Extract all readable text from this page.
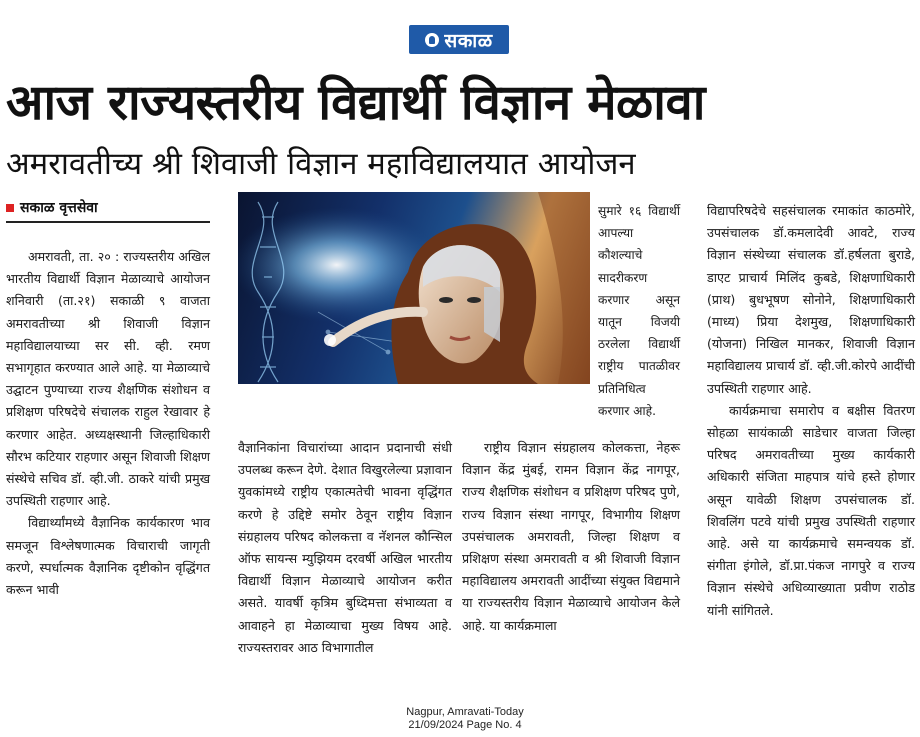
सकाळ
आज राज्यस्तरीय विद्यार्थी विज्ञान मेळावा
अमरावतीच्य श्री शिवाजी विज्ञान महाविद्यालयात आयोजन
सकाळ वृत्तसेवा

अमरावती, ता. २० : राज्यस्तरीय अखिल भारतीय विद्यार्थी विज्ञान मेळाव्याचे आयोजन शनिवारी (ता.२१) सकाळी ९ वाजता अमरावतीच्या श्री शिवाजी विज्ञान महाविद्यालयाच्या सर सी. व्ही. रमण सभागृहात करण्यात आले आहे. या मेळाव्याचे उद्घाटन पुण्याच्या राज्य शैक्षणिक संशोधन व प्रशिक्षण परिषदेचे संचालक राहुल रेखावार हे करणार आहेत. अध्यक्षस्थानी जिल्हाधिकारी सौरभ कटियार राहणार असून शिवाजी शिक्षण संस्थेचे सचिव डॉ. व्ही.जी. ठाकरे यांची प्रमुख उपस्थिती राहणार आहे.

विद्यार्थ्यांमध्ये वैज्ञानिक कार्यकारण भाव समजून विश्लेषणात्मक विचाराची जागृती करणे, स्पर्धात्मक वैज्ञानिक दृष्टीकोन वृद्धिंगत करून भावी

वैज्ञानिकांना विचारांच्या आदान प्रदानाची संधी उपलब्ध करून देणे. देशात विखुरलेल्या प्रज्ञावान युवकांमध्ये राष्ट्रीय एकात्मतेची भावना वृद्धिंगत करणे हे उद्दिष्टे समोर ठेवून राष्ट्रीय विज्ञान संग्रहालय परिषद कोलकत्ता व नॅशनल कौन्सिल ऑफ सायन्स म्युझियम दरवर्षी अखिल भारतीय विद्यार्थी विज्ञान मेळाव्याचे आयोजन करीत असते. यावर्षी कृत्रिम बुध्दिमत्ता संभाव्यता व आवाहने हा मेळाव्याचा मुख्य विषय आहे. राज्यस्तरावर आठ विभागातील

सुमारे १६ विद्यार्थी आपल्या कौशल्याचे सादरीकरण करणार असून यातून विजयी ठरलेला विद्यार्थी राष्ट्रीय पातळीवर प्रतिनिधित्व करणार आहे.

राष्ट्रीय विज्ञान संग्रहालय कोलकत्ता, नेहरू विज्ञान केंद्र मुंबई, रामन विज्ञान केंद्र नागपूर, राज्य शैक्षणिक संशोधन व प्रशिक्षण परिषद पुणे, राज्य विज्ञान संस्था नागपूर, विभागीय शिक्षण उपसंचालक अमरावती, जिल्हा शिक्षण व प्रशिक्षण संस्था अमरावती व श्री शिवाजी विज्ञान महाविद्यालय अमरावती आदींच्या संयुक्त विद्यमाने या राज्यस्तरीय विज्ञान मेळाव्याचे आयोजन केले आहे. या कार्यक्रमाला

विद्यापरिषदेचे सहसंचालक रमाकांत काठमोरे, उपसंचालक डॉ.कमलादेवी आवटे, राज्य विज्ञान संस्थेच्या संचालक डॉ.हर्षलता बुराडे, डाएट प्राचार्य मिलिंद कुबडे, शिक्षणाधिकारी (प्राथ) बुधभूषण सोनोने, शिक्षणाधिकारी (माध्य) प्रिया देशमुख, शिक्षणाधिकारी (योजना) निखिल मानकर, शिवाजी विज्ञान महाविद्यालय प्राचार्य डॉ. व्ही.जी.कोरपे आदींची उपस्थिती राहणार आहे.

कार्यक्रमाचा समारोप व बक्षीस वितरण सोहळा सायंकाळी साडेचार वाजता जिल्हा परिषद अमरावतीच्या मुख्य कार्यकारी अधिकारी संजिता माहपात्र यांचे हस्ते होणार असून यावेळी शिक्षण उपसंचालक डॉ. शिवलिंग पटवे यांची प्रमुख उपस्थिती राहणार आहे. असे या कार्यक्रमाचे समन्वयक डॉ. संगीता इंगोले, डॉ.प्रा.पंकज नागपुरे व राज्य विज्ञान संस्थेचे अधिव्याख्याता प्रवीण राठोड यांनी सांगितले.

Nagpur, Amravati-Today
21/09/2024 Page No. 4
